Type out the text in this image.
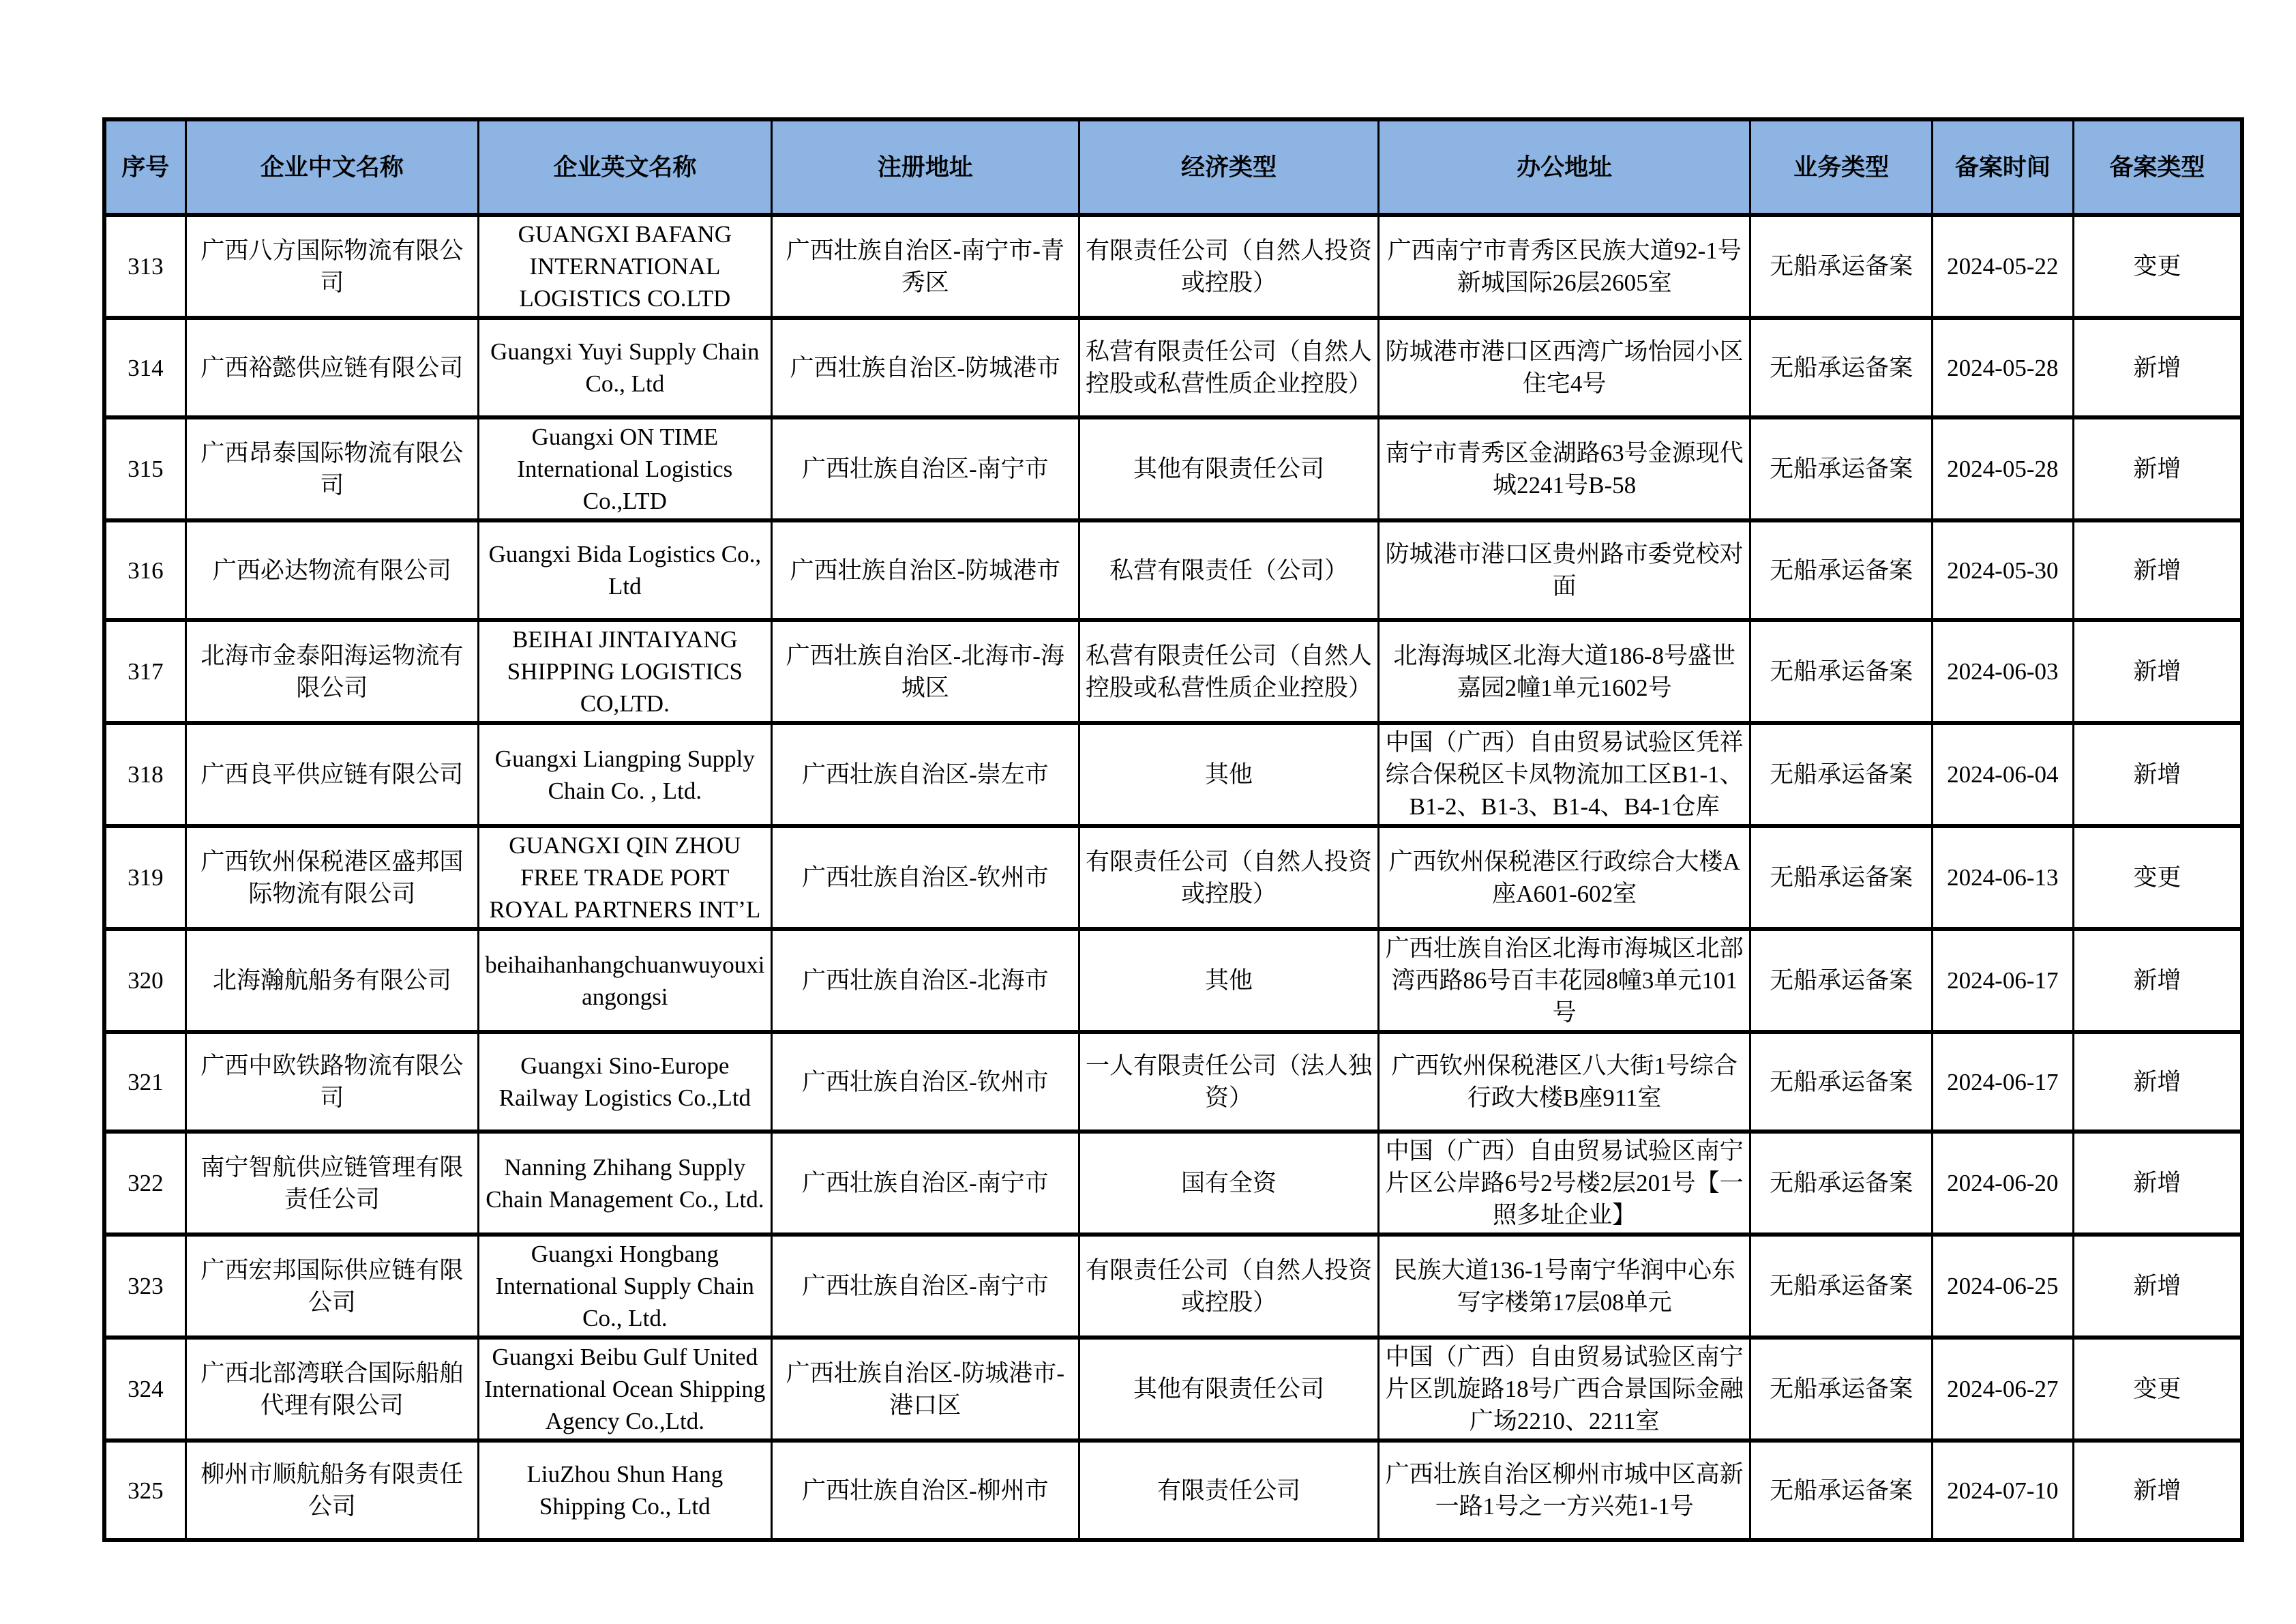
序号	企业中文名称	企业英文名称	注册地址	经济类型	办公地址	业务类型	备案时间	备案类型
313	广西八方国际物流有限公司	GUANGXI BAFANG INTERNATIONAL LOGISTICS CO.LTD	广西壮族自治区-南宁市-青秀区	有限责任公司（自然人投资或控股）	广西南宁市青秀区民族大道92-1号新城国际26层2605室	无船承运备案	2024-05-22	变更
314	广西裕懿供应链有限公司	Guangxi Yuyi Supply Chain Co., Ltd	广西壮族自治区-防城港市	私营有限责任公司（自然人控股或私营性质企业控股）	防城港市港口区西湾广场怡园小区住宅4号	无船承运备案	2024-05-28	新增
315	广西昂泰国际物流有限公司	Guangxi ON TIME International Logistics Co.,LTD	广西壮族自治区-南宁市	其他有限责任公司	南宁市青秀区金湖路63号金源现代城2241号B-58	无船承运备案	2024-05-28	新增
316	广西必达物流有限公司	Guangxi Bida Logistics Co., Ltd	广西壮族自治区-防城港市	私营有限责任（公司）	防城港市港口区贵州路市委党校对面	无船承运备案	2024-05-30	新增
317	北海市金泰阳海运物流有限公司	BEIHAI JINTAIYANG SHIPPING LOGISTICS CO,LTD.	广西壮族自治区-北海市-海城区	私营有限责任公司（自然人控股或私营性质企业控股）	北海海城区北海大道186-8号盛世嘉园2幢1单元1602号	无船承运备案	2024-06-03	新增
318	广西良平供应链有限公司	Guangxi Liangping Supply Chain Co. , Ltd.	广西壮族自治区-崇左市	其他	中国（广西）自由贸易试验区凭祥综合保税区卡凤物流加工区B1-1、B1-2、B1-3、B1-4、B4-1仓库	无船承运备案	2024-06-04	新增
319	广西钦州保税港区盛邦国际物流有限公司	GUANGXI QIN ZHOU FREE TRADE PORT ROYAL PARTNERS INT’L	广西壮族自治区-钦州市	有限责任公司（自然人投资或控股）	广西钦州保税港区行政综合大楼A座A601-602室	无船承运备案	2024-06-13	变更
320	北海瀚航船务有限公司	beihaihanhangchuanwuyouxiangongsi	广西壮族自治区-北海市	其他	广西壮族自治区北海市海城区北部湾西路86号百丰花园8幢3单元101号	无船承运备案	2024-06-17	新增
321	广西中欧铁路物流有限公司	Guangxi Sino-Europe Railway Logistics Co.,Ltd	广西壮族自治区-钦州市	一人有限责任公司（法人独资）	广西钦州保税港区八大街1号综合行政大楼B座911室	无船承运备案	2024-06-17	新增
322	南宁智航供应链管理有限责任公司	Nanning Zhihang Supply Chain Management Co., Ltd.	广西壮族自治区-南宁市	国有全资	中国（广西）自由贸易试验区南宁片区公岸路6号2号楼2层201号【一照多址企业】	无船承运备案	2024-06-20	新增
323	广西宏邦国际供应链有限公司	Guangxi Hongbang International Supply Chain Co., Ltd.	广西壮族自治区-南宁市	有限责任公司（自然人投资或控股）	民族大道136-1号南宁华润中心东写字楼第17层08单元	无船承运备案	2024-06-25	新增
324	广西北部湾联合国际船舶代理有限公司	Guangxi Beibu Gulf United International Ocean Shipping Agency Co.,Ltd.	广西壮族自治区-防城港市-港口区	其他有限责任公司	中国（广西）自由贸易试验区南宁片区凯旋路18号广西合景国际金融广场2210、2211室	无船承运备案	2024-06-27	变更
325	柳州市顺航船务有限责任公司	LiuZhou Shun Hang Shipping Co., Ltd	广西壮族自治区-柳州市	有限责任公司	广西壮族自治区柳州市城中区高新一路1号之一方兴苑1-1号	无船承运备案	2024-07-10	新增
